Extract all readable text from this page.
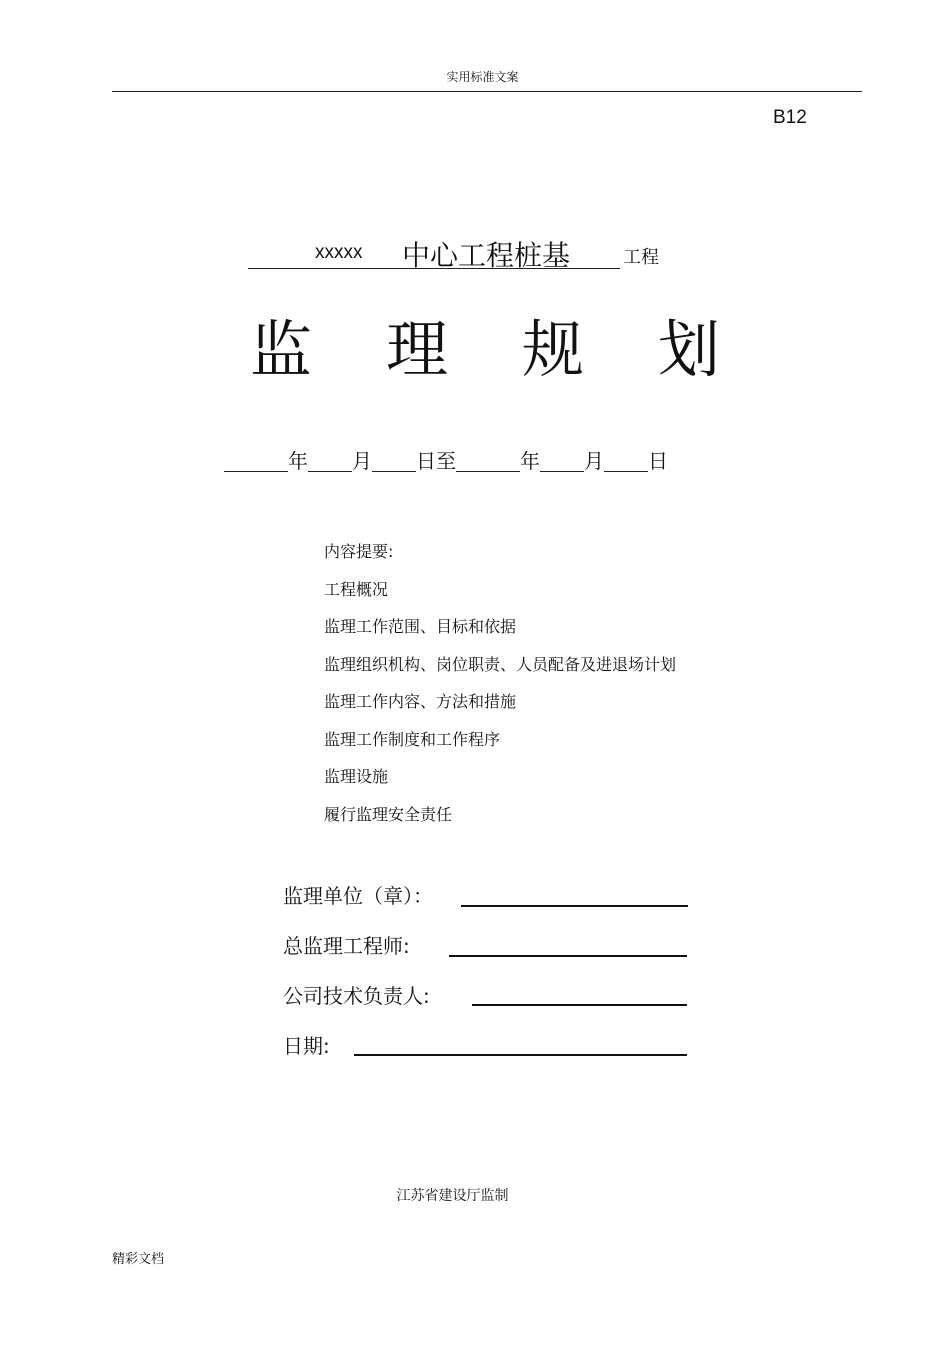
实用标准文案
B12
xxxxx 中心工程桩基	工程
监 理 规 划
年 月 日至	年 月 日
内容提要:
工程概况
监理工作范围、目标和依据
监理组织机构、岗位职责、人员配备及进退场计划
监理工作内容、方法和措施
监理工作制度和工作程序
监理设施
履行监理安全责任
监理单位（章）：
总监理工程师:
公司技术负责人:
日期:
江苏省建设厅监制
精彩文档
